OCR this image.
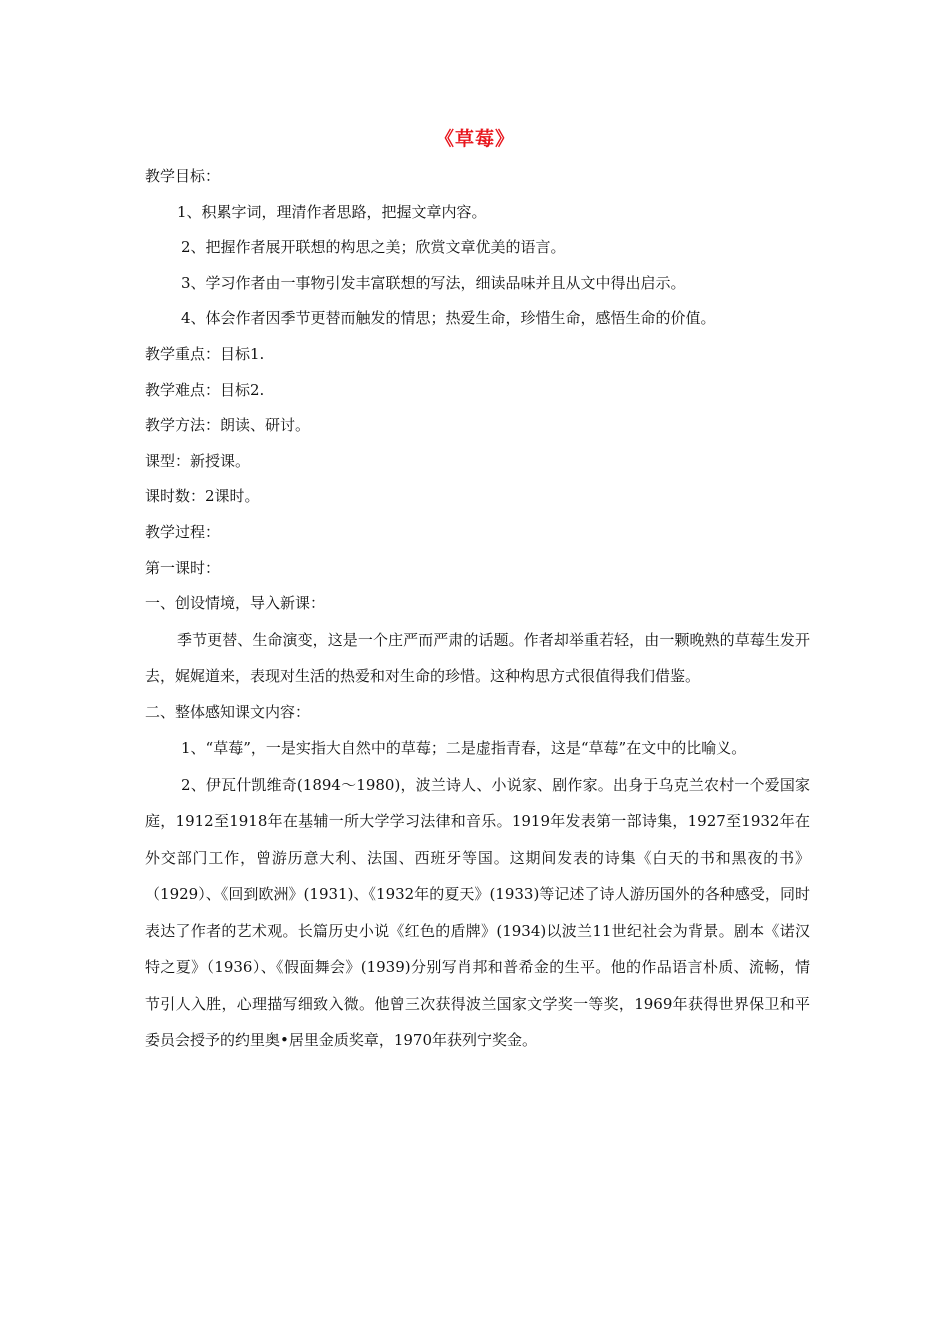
《草莓》
教学目标：
1、积累字词，理清作者思路，把握文章内容。
2、把握作者展开联想的构思之美；欣赏文章优美的语言。
3、学习作者由一事物引发丰富联想的写法，细读品味并且从文中得出启示。
4、体会作者因季节更替而触发的情思；热爱生命，珍惜生命，感悟生命的价值。
教学重点：目标1.
教学难点：目标2.
教学方法：朗读、研讨。
课型：新授课。
课时数：2课时。
教学过程：
第一课时：
一、创设情境，导入新课：
季节更替、生命演变，这是一个庄严而严肃的话题。作者却举重若轻，由一颗晚熟的草莓生发开去，娓娓道来，表现对生活的热爱和对生命的珍惜。这种构思方式很值得我们借鉴。
二、整体感知课文内容：
1、“草莓”，一是实指大自然中的草莓；二是虚指青春，这是“草莓”在文中的比喻义。
2、伊瓦什凯维奇(1894～1980)，波兰诗人、小说家、剧作家。出身于乌克兰农村一个爱国家庭，1912至1918年在基辅一所大学学习法律和音乐。1919年发表第一部诗集，1927至1932年在外交部门工作，曾游历意大利、法国、西班牙等国。这期间发表的诗集《白天的书和黑夜的书》（1929）、《回到欧洲》(1931)、《1932年的夏天》(1933)等记述了诗人游历国外的各种感受，同时表达了作者的艺术观。长篇历史小说《红色的盾牌》(1934)以波兰11世纪社会为背景。剧本《诺汉特之夏》（1936）、《假面舞会》(1939)分别写肖邦和普希金的生平。他的作品语言朴质、流畅，情节引人入胜，心理描写细致入微。他曾三次获得波兰国家文学奖一等奖，1969年获得世界保卫和平委员会授予的约里奥•居里金质奖章，1970年获列宁奖金。
